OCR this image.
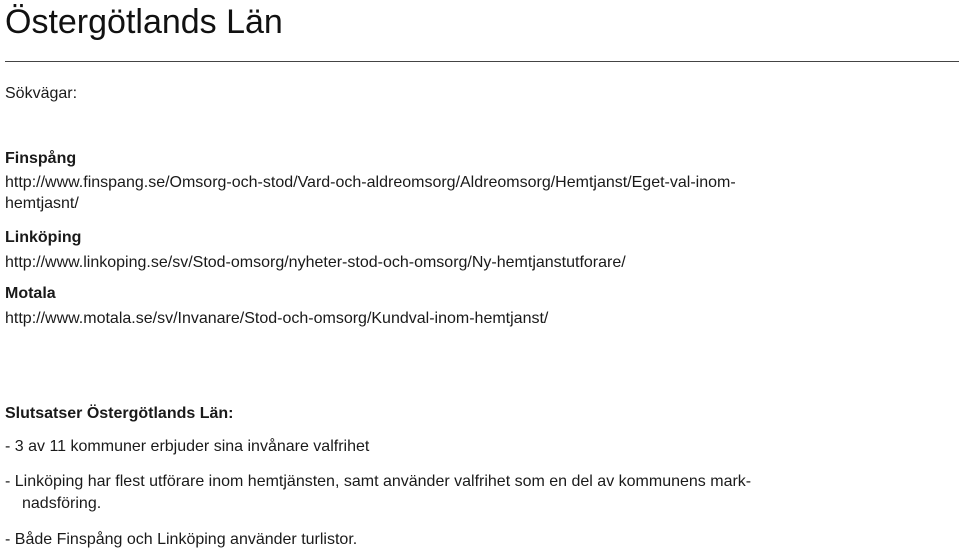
Östergötlands Län

Sökvägar:

Finspång

http://www.finspang.se/Omsorg-och-stod/Vard-och-aldreomsorg/Aldreomsorg/Hemtjanst/Eget-val-inom-

hemtjasnt/

Linköping

http://www.linkoping.se/sv/Stod-omsorg/nyheter-stod-och-omsorg/Ny-hemtjanstutforare/

Motala

http://www.motala.se/sv/Invanare/Stod-och-omsorg/Kundval-inom-hemtjanst/

Slutsatser Östergötlands Län:

- 3 av 11 kommuner erbjuder sina invånare valfrihet

- Linköping har flest utförare inom hemtjänsten, samt använder valfrihet som en del av kommunens mark-

nadsföring.

- Både Finspång och Linköping använder turlistor.
